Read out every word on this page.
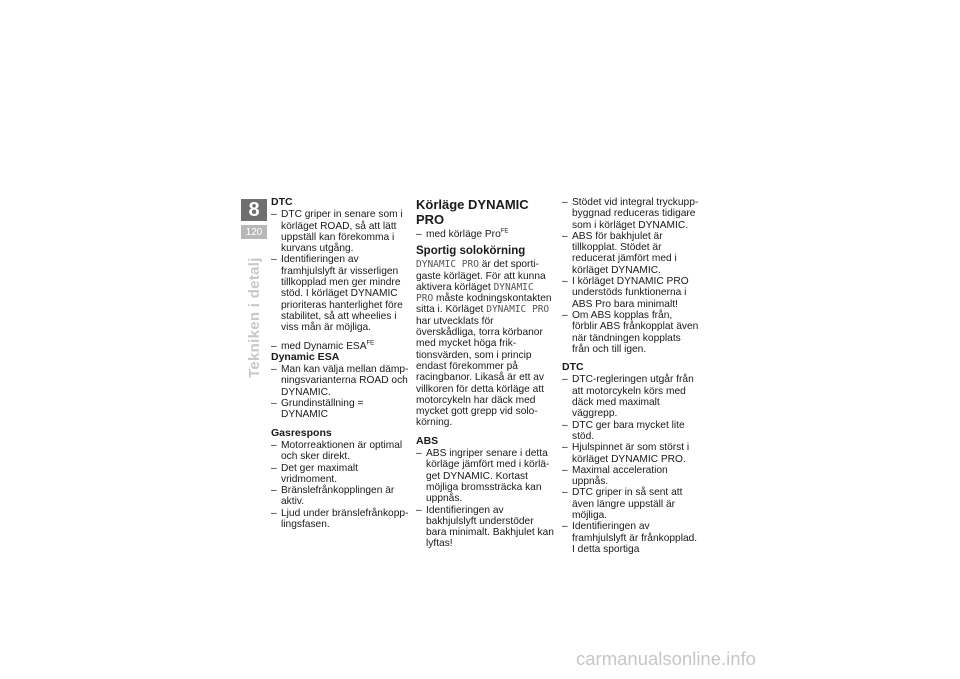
8
120
Tekniken i detalj
DTC
– DTC griper in senare som i körläget ROAD, så att lätt uppställ kan förekomma i kurvans utgång.
– Identifieringen av framhjulslyft är visserligen tillkopplad men ger mindre stöd. I körläget DYNAMIC prioriteras hanterlighet före stabilitet, så att wheelies i viss mån är möjliga.
– med Dynamic $ESA^{FE}$
Dynamic ESA
– Man kan välja mellan dämpningsvarianterna ROAD och DYNAMIC.
– Grundinställning = DYNAMIC
Gasrespons
– Motorreaktionen är optimal och sker direkt.
– Det ger maximalt vridmoment.
– Bränslefrånkopplingen är aktiv.
– Ljud under bränslefrånkopplingsfasen.
Körläge DYNAMIC PRO
– med körläge Pro$^{FE}$
Sportig solokörning

DYNAMIC PRO är det sportigaste körläget. För att kunna aktivera körläget DYNAMIC PRO måste kodningskontakten sitta i. Körläget DYNAMIC PRO har utvecklats för överskådliga, torra körbanor med mycket höga friktionsvärden, som i princip endast förekommer på racingbanor. Likaså är ett av villkoren för detta körläge att motorcykeln har däck med mycket gott grepp vid solokörning.

ABS
– ABS ingriper senare i detta körläge jämfört med i körläget DYNAMIC. Kortast möjliga bromssträcka kan uppnås.
– Identifieringen av bakhjulslyft understöder bara minimalt. Bakhjulet kan lyftas!
– Stödet vid integral tryckuppbyggnad reduceras tidigare som i körläget DYNAMIC.
– ABS för bakhjulet är tillkopplat. Stödet är reducerat jämfört med i körläget DYNAMIC.
– I körläget DYNAMIC PRO understöds funktionerna i ABS Pro bara minimalt!
– Om ABS kopplas från, förblir ABS frånkopplat även när tändningen kopplats från och till igen.
DTC
– DTC-regleringen utgår från att motorcykeln körs med däck med maximalt väggrepp.
– DTC ger bara mycket lite stöd.
– Hjulspinnet är som störst i körläget DYNAMIC PRO.
– Maximal acceleration uppnås.
– DTC griper in så sent att även längre uppställ är möjliga.
– Identifieringen av framhjulslyft är frånkopplad. I detta sportiga
carmanualsonline.info
